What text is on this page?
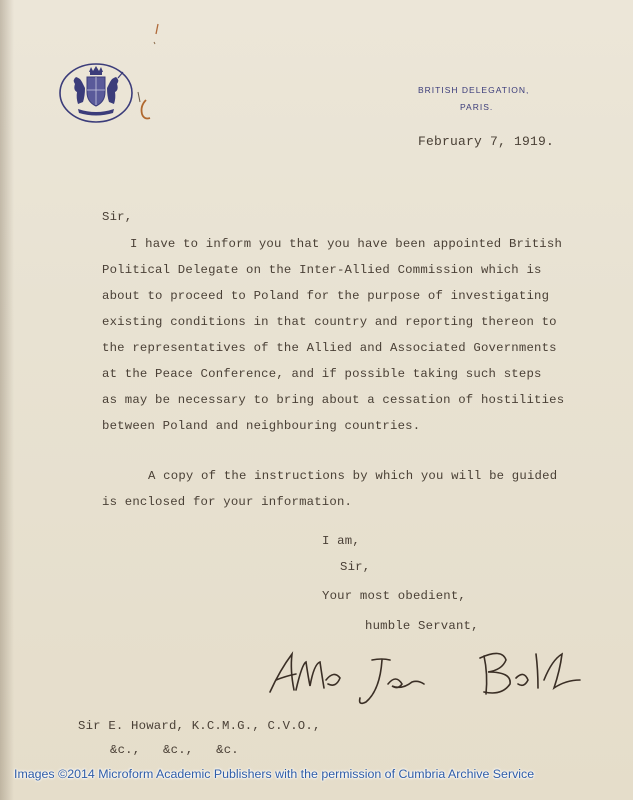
BRITISH DELEGATION,
PARIS.
February 7, 1919.
Sir,
I have to inform you that you have been appointed British
Political Delegate on the Inter-Allied Commission which is
about to proceed to Poland for the purpose of investigating
existing conditions in that country and reporting thereon to
the representatives of the Allied and Associated Governments
at the Peace Conference, and if possible taking such steps
as may be necessary to bring about a cessation of hostilities
between Poland and neighbouring countries.
A copy of the instructions by which you will be guided
is enclosed for your information.
I am,
Sir,
Your most obedient,
humble Servant,
Sir E. Howard, K.C.M.G., C.V.O.,
&c.,   &c.,   &c.
Images ©2014 Microform Academic Publishers with the permission of Cumbria Archive Service
